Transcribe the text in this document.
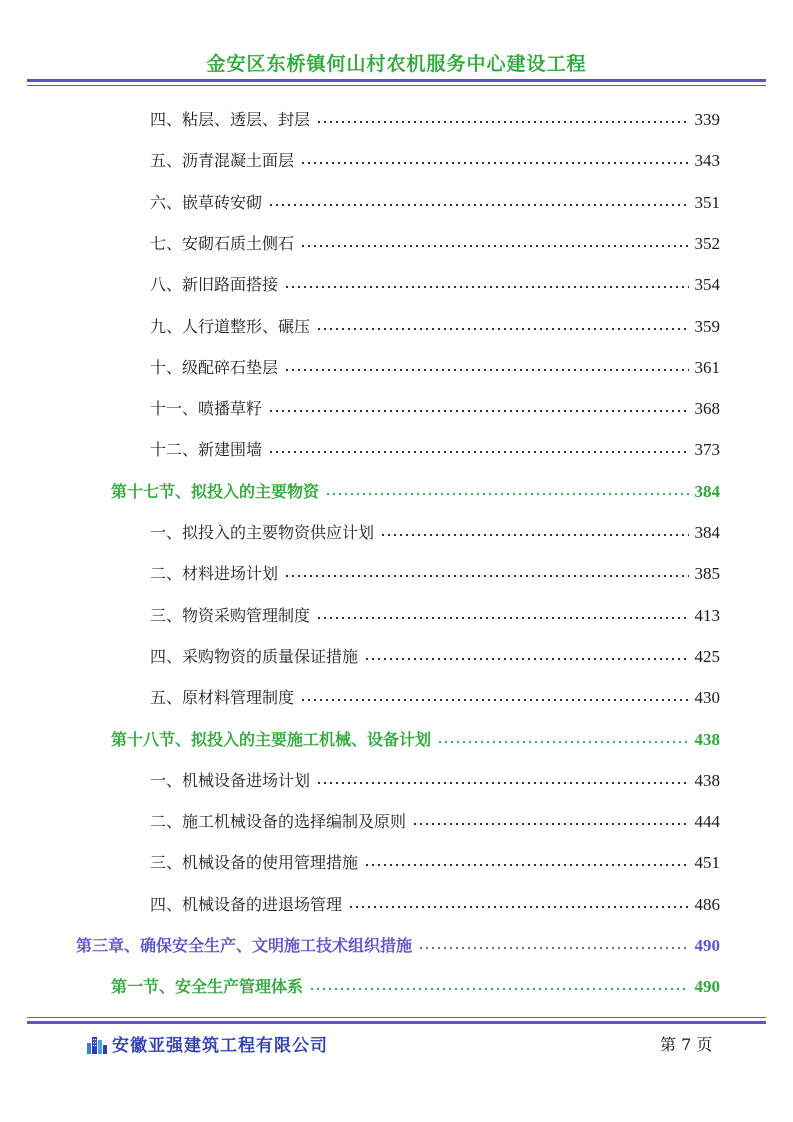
金安区东桥镇何山村农机服务中心建设工程
四、粘层、透层、封层	339
五、沥青混凝土面层	343
六、嵌草砖安砌	351
七、安砌石质土侧石	352
八、新旧路面搭接	354
九、人行道整形、碾压	359
十、级配碎石垫层	361
十一、喷播草籽	368
十二、新建围墙	373
第十七节、拟投入的主要物资	384
一、拟投入的主要物资供应计划	384
二、材料进场计划	385
三、物资采购管理制度	413
四、采购物资的质量保证措施	425
五、原材料管理制度	430
第十八节、拟投入的主要施工机械、设备计划	438
一、机械设备进场计划	438
二、施工机械设备的选择编制及原则	444
三、机械设备的使用管理措施	451
四、机械设备的进退场管理	486
第三章、确保安全生产、文明施工技术组织措施	490
第一节、安全生产管理体系	490
安徽亚强建筑工程有限公司	第 7 页
